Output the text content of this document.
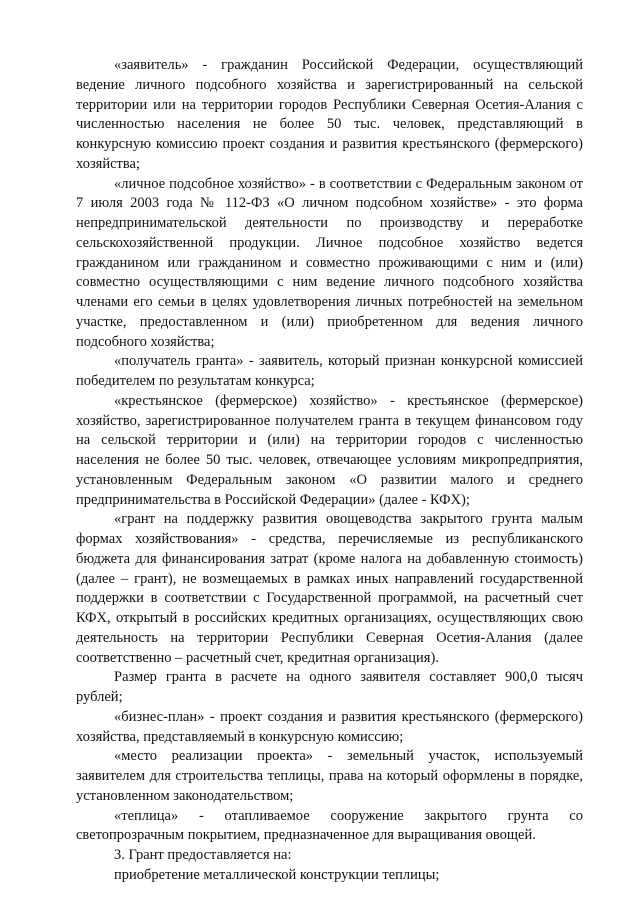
«заявитель» - гражданин Российской Федерации, осуществляющий ведение личного подсобного хозяйства и зарегистрированный на сельской территории или на территории городов Республики Северная Осетия-Алания с численностью населения не более 50 тыс. человек, представляющий в конкурсную комиссию проект создания и развития крестьянского (фермерского) хозяйства;

«личное подсобное хозяйство» - в соответствии с Федеральным законом от 7 июля 2003 года № 112-ФЗ «О личном подсобном хозяйстве» - это форма непредпринимательской деятельности по производству и переработке сельскохозяйственной продукции. Личное подсобное хозяйство ведется гражданином или гражданином и совместно проживающими с ним и (или) совместно осуществляющими с ним ведение личного подсобного хозяйства членами его семьи в целях удовлетворения личных потребностей на земельном участке, предоставленном и (или) приобретенном для ведения личного подсобного хозяйства;

«получатель гранта» - заявитель, который признан конкурсной комиссией победителем по результатам конкурса;

«крестьянское (фермерское) хозяйство» - крестьянское (фермерское) хозяйство, зарегистрированное получателем гранта в текущем финансовом году на сельской территории и (или) на территории городов с численностью населения не более 50 тыс. человек, отвечающее условиям микропредприятия, установленным Федеральным законом «О развитии малого и среднего предпринимательства в Российской Федерации» (далее - КФХ);

«грант на поддержку развития овощеводства закрытого грунта малым формах хозяйствования» - средства, перечисляемые из республиканского бюджета для финансирования затрат (кроме налога на добавленную стоимость) (далее – грант), не возмещаемых в рамках иных направлений государственной поддержки в соответствии с Государственной программой, на расчетный счет КФХ, открытый в российских кредитных организациях, осуществляющих свою деятельность на территории Республики Северная Осетия-Алания (далее соответственно – расчетный счет, кредитная организация).

Размер гранта в расчете на одного заявителя составляет 900,0 тысяч рублей;

«бизнес-план» - проект создания и развития крестьянского (фермерского) хозяйства, представляемый в конкурсную комиссию;

«место реализации проекта» - земельный участок, используемый заявителем для строительства теплицы, права на который оформлены в порядке, установленном законодательством;

«теплица» - отапливаемое сооружение закрытого грунта со светопрозрачным покрытием, предназначенное для выращивания овощей.

3. Грант предоставляется на:

приобретение металлической конструкции теплицы;
